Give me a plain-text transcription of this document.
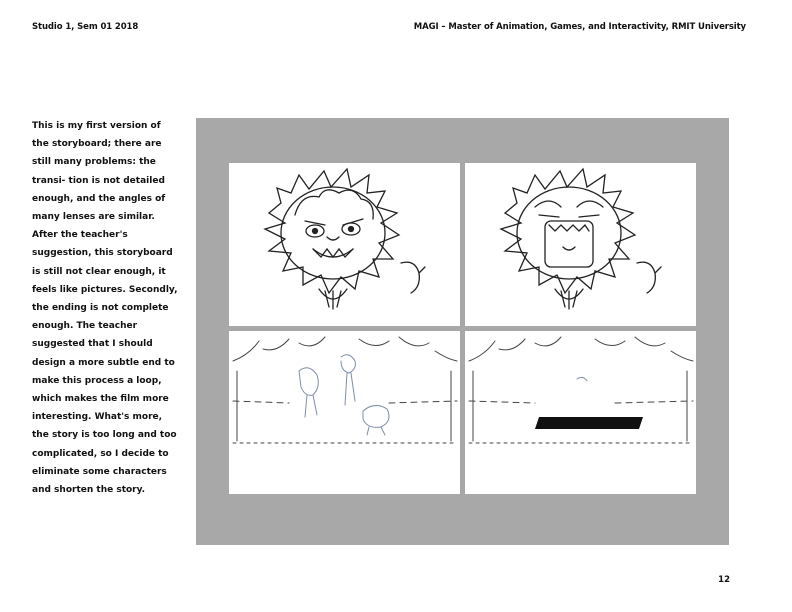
Studio 1, Sem 01 2018	MAGI – Master of Animation, Games, and Interactivity, RMIT University

This is my first version of the storyboard; there are still many problems: the transi- tion is not detailed enough, and the angles of many lenses are similar. After the teacher's suggestion, this storyboard is still not clear enough, it feels like pictures. Secondly, the ending is not complete enough. The teacher suggested that I should design a more subtle end to make this process a loop, which makes the film more interesting. What's more, the story is too long and too complicated, so I decide to eliminate some characters and shorten the story.

12
